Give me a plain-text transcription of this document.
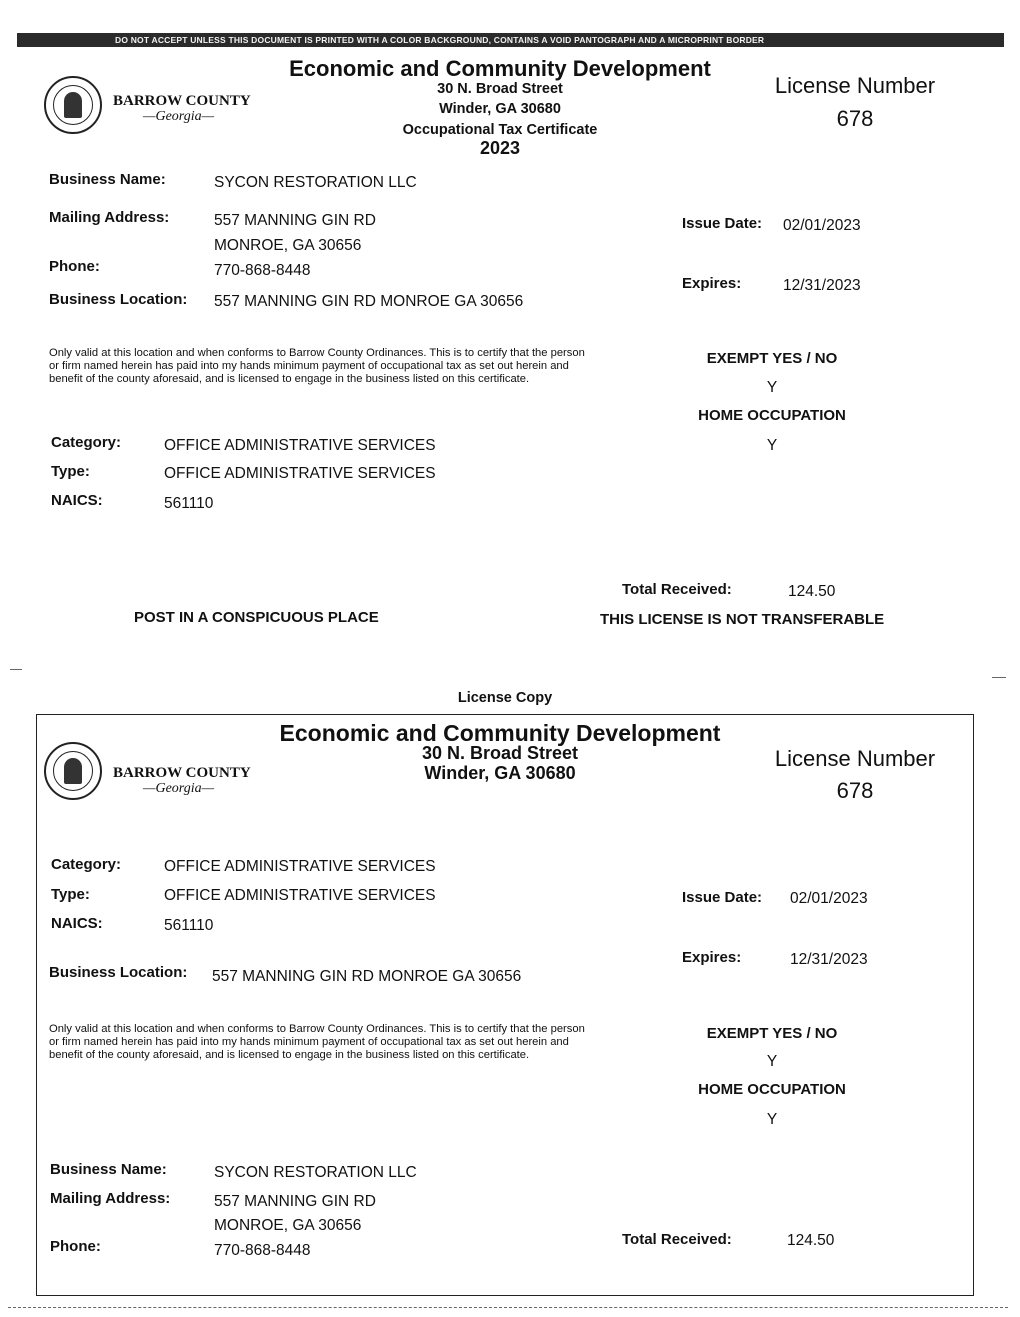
DO NOT ACCEPT UNLESS THIS DOCUMENT IS PRINTED WITH A COLOR BACKGROUND, CONTAINS A VOID PANTOGRAPH AND A MICROPRINT BORDER
BARROW COUNTY
—Georgia—
Economic and Community Development
30 N. Broad Street
Winder, GA 30680
Occupational Tax Certificate
2023
License Number
678
Business Name:	SYCON RESTORATION LLC
Mailing Address:	557 MANNING GIN RD
MONROE, GA 30656
Phone:	770-868-8448
Business Location: 557 MANNING GIN RD MONROE GA 30656
Issue Date: 02/01/2023
Expires:	12/31/2023
Only valid at this location and when conforms to Barrow County Ordinances. This is to certify that the person or firm named herein has paid into my hands minimum payment of occupational tax as set out herein and benefit of the county aforesaid, and is licensed to engage in the business listed on this certificate.
EXEMPT YES / NO
Y
HOME OCCUPATION
Y
Category:	OFFICE ADMINISTRATIVE SERVICES
Type:	OFFICE ADMINISTRATIVE SERVICES
NAICS:	561110
Total Received:	124.50
POST IN A CONSPICUOUS PLACE	THIS LICENSE IS NOT TRANSFERABLE
License Copy
BARROW COUNTY
—Georgia—
Economic and Community Development
30 N. Broad Street
Winder, GA 30680
License Number
678
Category:	OFFICE ADMINISTRATIVE SERVICES
Type:	OFFICE ADMINISTRATIVE SERVICES
NAICS:	561110
Business Location: 557 MANNING GIN RD MONROE GA 30656
Issue Date: 02/01/2023
Expires:	12/31/2023
Only valid at this location and when conforms to Barrow County Ordinances. This is to certify that the person or firm named herein has paid into my hands minimum payment of occupational tax as set out herein and benefit of the county aforesaid, and is licensed to engage in the business listed on this certificate.
EXEMPT YES / NO
Y
HOME OCCUPATION
Y
Business Name:	SYCON RESTORATION LLC
Mailing Address:	557 MANNING GIN RD
MONROE, GA 30656
Phone:	770-868-8448
Total Received:	124.50
